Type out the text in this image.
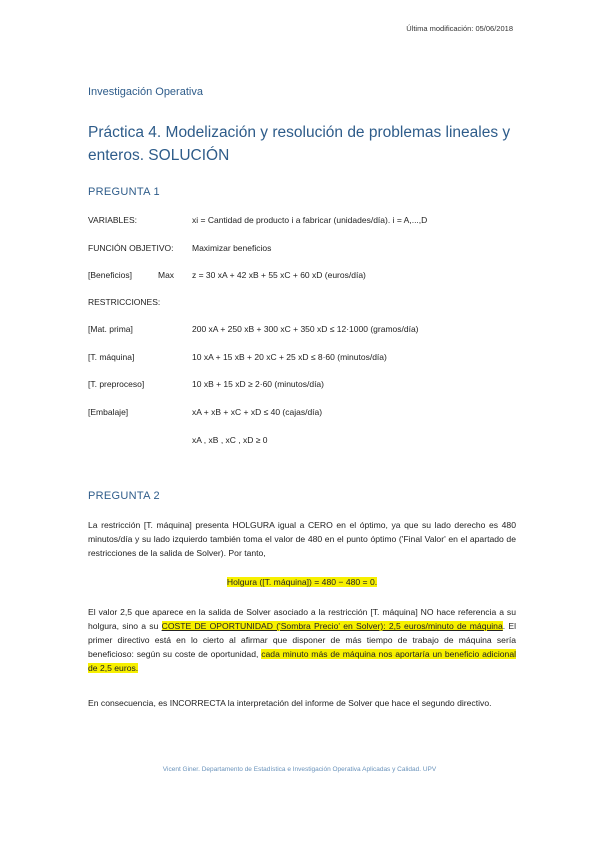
Última modificación: 05/06/2018
Investigación Operativa
Práctica 4. Modelización y resolución de problemas lineales y enteros. SOLUCIÓN
PREGUNTA 1
VARIABLES:	xi = Cantidad de producto i a fabricar (unidades/día). i = A,...,D
FUNCIÓN OBJETIVO: Maximizar beneficios
[Beneficios]	Max z = 30 xA + 42 xB + 55 xC + 60 xD (euros/día)
RESTRICCIONES:
[Mat. prima]	200 xA + 250 xB + 300 xC + 350 xD ≤ 12·1000 (gramos/día)
[T. máquina]	10 xA + 15 xB + 20 xC + 25 xD ≤ 8·60 (minutos/día)
[T. preproceso]	10 xB + 15 xD ≥ 2·60 (minutos/día)
[Embalaje]	xA + xB + xC + xD ≤ 40 (cajas/día)
xA , xB , xC , xD ≥ 0
PREGUNTA 2
La restricción [T. máquina] presenta HOLGURA igual a CERO en el óptimo, ya que su lado derecho es 480 minutos/día y su lado izquierdo también toma el valor de 480 en el punto óptimo ('Final Valor' en el apartado de restricciones de la salida de Solver). Por tanto,
Holgura ([T. máquina]) = 480 − 480 = 0.
El valor 2,5 que aparece en la salida de Solver asociado a la restricción [T. máquina] NO hace referencia a su holgura, sino a su COSTE DE OPORTUNIDAD ('Sombra Precio' en Solver): 2,5 euros/minuto de máquina. El primer directivo está en lo cierto al afirmar que disponer de más tiempo de trabajo de máquina sería beneficioso: según su coste de oportunidad, cada minuto más de máquina nos aportaría un beneficio adicional de 2,5 euros.
En consecuencia, es INCORRECTA la interpretación del informe de Solver que hace el segundo directivo.
Vicent Giner. Departamento de Estadística e Investigación Operativa Aplicadas y Calidad. UPV
